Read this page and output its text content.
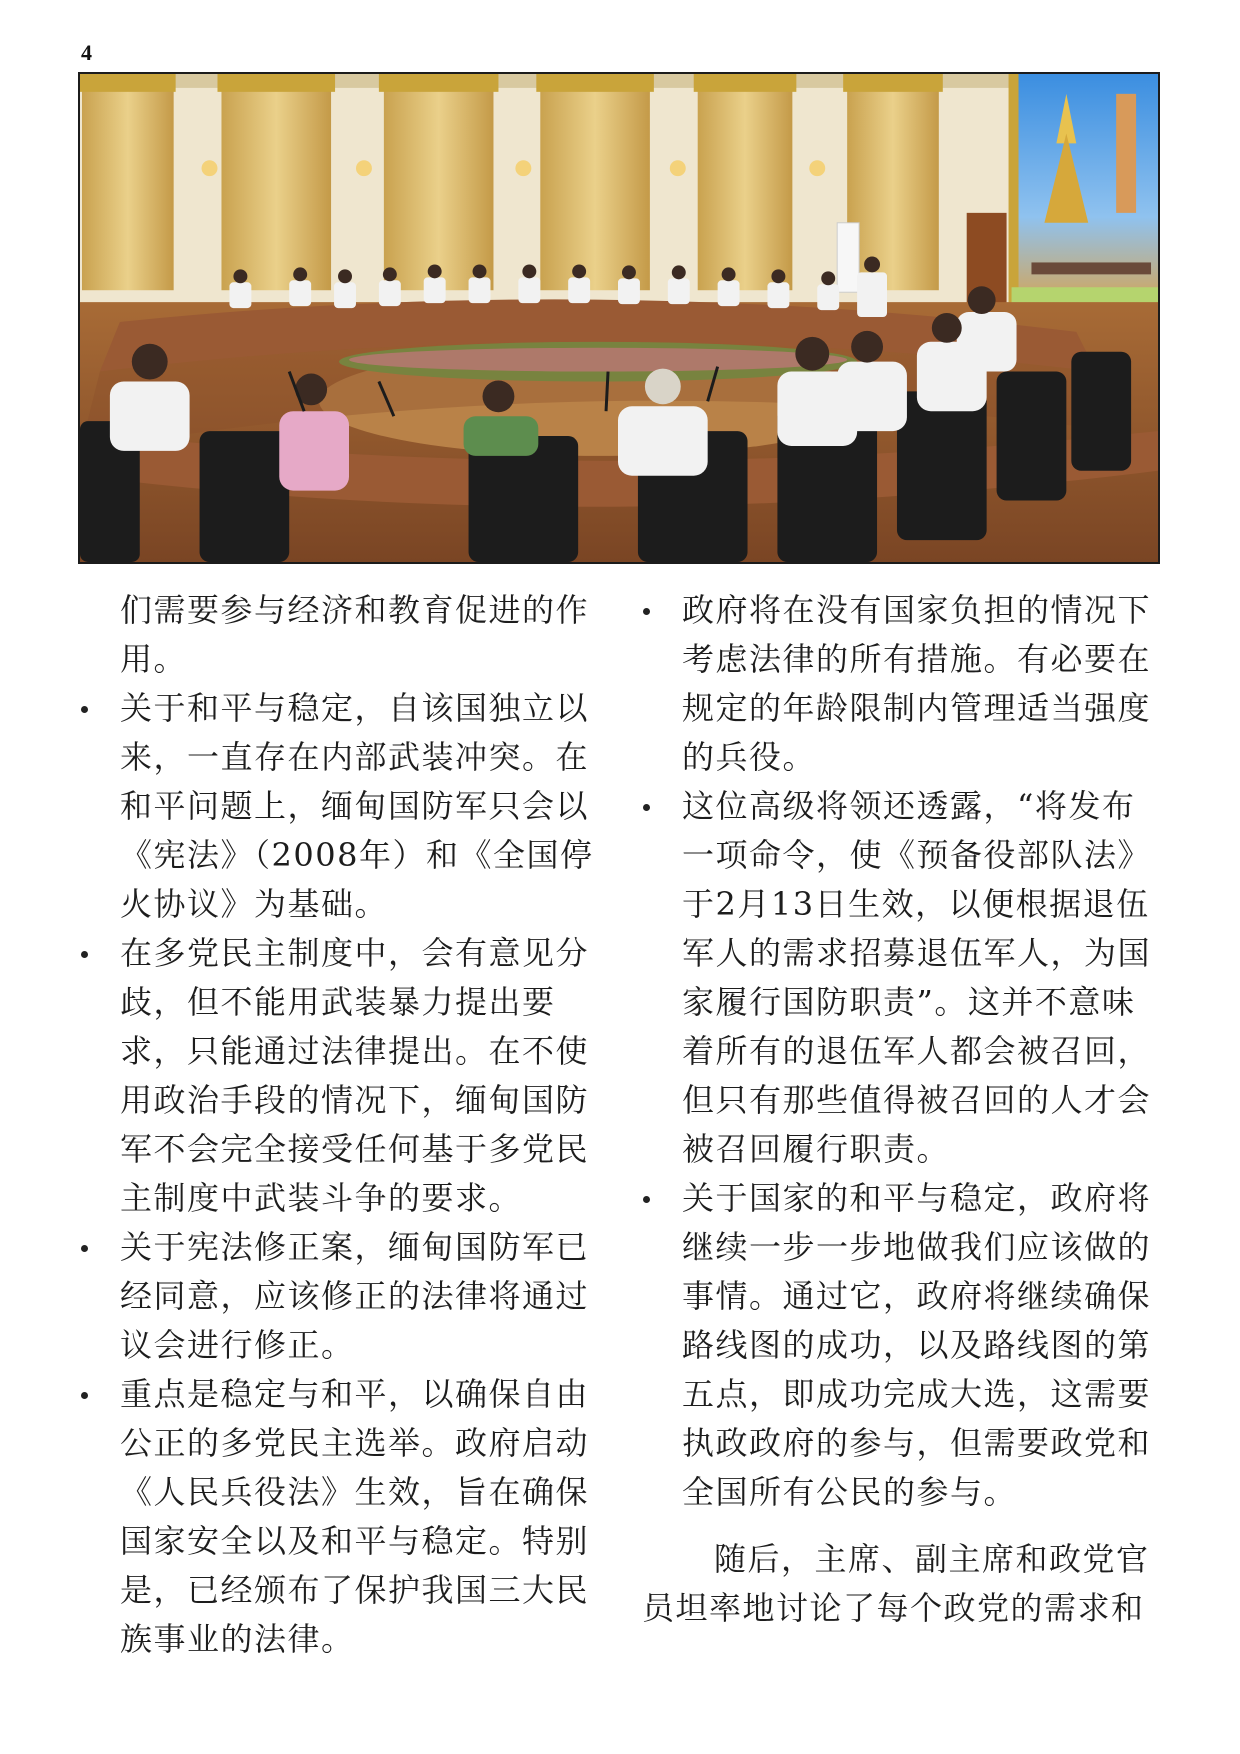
4

们需要参与经济和教育促进的作用。

关于和平与稳定，自该国独立以来，一直存在内部武装冲突。在和平问题上，缅甸国防军只会以《宪法》（2008年）和《全国停火协议》为基础。

在多党民主制度中，会有意见分歧，但不能用武装暴力提出要求，只能通过法律提出。在不使用政治手段的情况下，缅甸国防军不会完全接受任何基于多党民主制度中武装斗争的要求。

关于宪法修正案，缅甸国防军已经同意，应该修正的法律将通过议会进行修正。

重点是稳定与和平，以确保自由公正的多党民主选举。政府启动《人民兵役法》生效，旨在确保国家安全以及和平与稳定。特别是，已经颁布了保护我国三大民族事业的法律。

政府将在没有国家负担的情况下考虑法律的所有措施。有必要在规定的年龄限制内管理适当强度的兵役。

这位高级将领还透露，“将发布一项命令，使《预备役部队法》于2月13日生效，以便根据退伍军人的需求招募退伍军人，为国家履行国防职责”。这并不意味着所有的退伍军人都会被召回，但只有那些值得被召回的人才会被召回履行职责。

关于国家的和平与稳定，政府将继续一步一步地做我们应该做的事情。通过它，政府将继续确保路线图的成功，以及路线图的第五点，即成功完成大选，这需要执政政府的参与，但需要政党和全国所有公民的参与。

随后，主席、副主席和政党官
员坦率地讨论了每个政党的需求和
